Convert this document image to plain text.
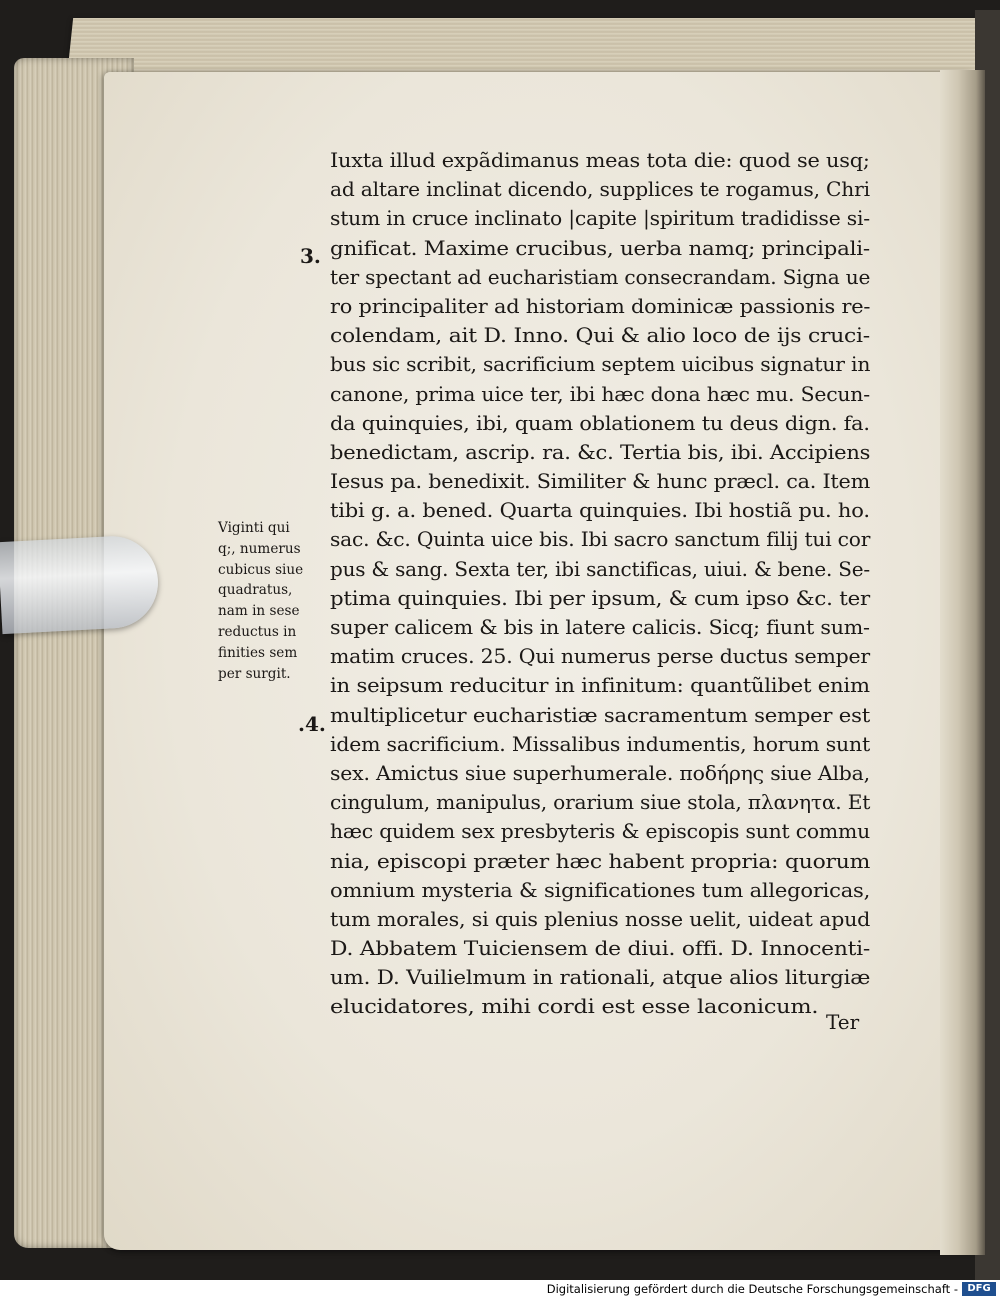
Iuxta illud expãdimanus meas tota die: quod se usq;
ad altare inclinat dicendo, supplices te rogamus, Chri
stum in cruce inclinato |capite |spiritum tradidisse si-
gnificat. Maxime crucibus, uerba namq; principali-
ter spectant ad eucharistiam consecrandam. Signa ue
ro principaliter ad historiam dominicæ passionis re-
colendam, ait D. Inno. Qui & alio loco de ijs cruci-
bus sic scribit, sacrificium septem uicibus signatur in
canone, prima uice ter, ibi hæc dona hæc mu. Secun-
da quinquies, ibi, quam oblationem tu deus dign. fa.
benedictam, ascrip. ra. &c. Tertia bis, ibi. Accipiens
Iesus pa. benedixit. Similiter & hunc præcl. ca. Item
tibi g. a. bened. Quarta quinquies. Ibi hostiã pu. ho.
sac. &c. Quinta uice bis. Ibi sacro sanctum filij tui cor
pus & sang. Sexta ter, ibi sanctificas, uiui. & bene. Se-
ptima quinquies. Ibi per ipsum, & cum ipso &c. ter
super calicem & bis in latere calicis. Sicq; fiunt sum-
matim cruces. 25. Qui numerus perse ductus semper
in seipsum reducitur in infinitum: quantũlibet enim
multiplicetur eucharistiæ sacramentum semper est
idem sacrificium. Missalibus indumentis, horum sunt
sex. Amictus siue superhumerale. ποδήρης siue Alba,
cingulum, manipulus, orarium siue stola, πλανητα. Et
hæc quidem sex presbyteris & episcopis sunt commu
nia, episcopi præter hæc habent propria: quorum
omnium mysteria & significationes tum allegoricas,
tum morales, si quis plenius nosse uelit, uideat apud
D. Abbatem Tuiciensem de diui. offi. D. Innocenti-
um. D. Vuilielmum in rationali, atque alios liturgiæ
elucidatores, mihi cordi est esse laconicum.
3.
.4.
Viginti qui
q;, numerus
cubicus siue
quadratus,
nam in sese
reductus in
finities sem
per surgit.
Ter
Digitalisierung gefördert durch die Deutsche Forschungsgemeinschaft - DFG
